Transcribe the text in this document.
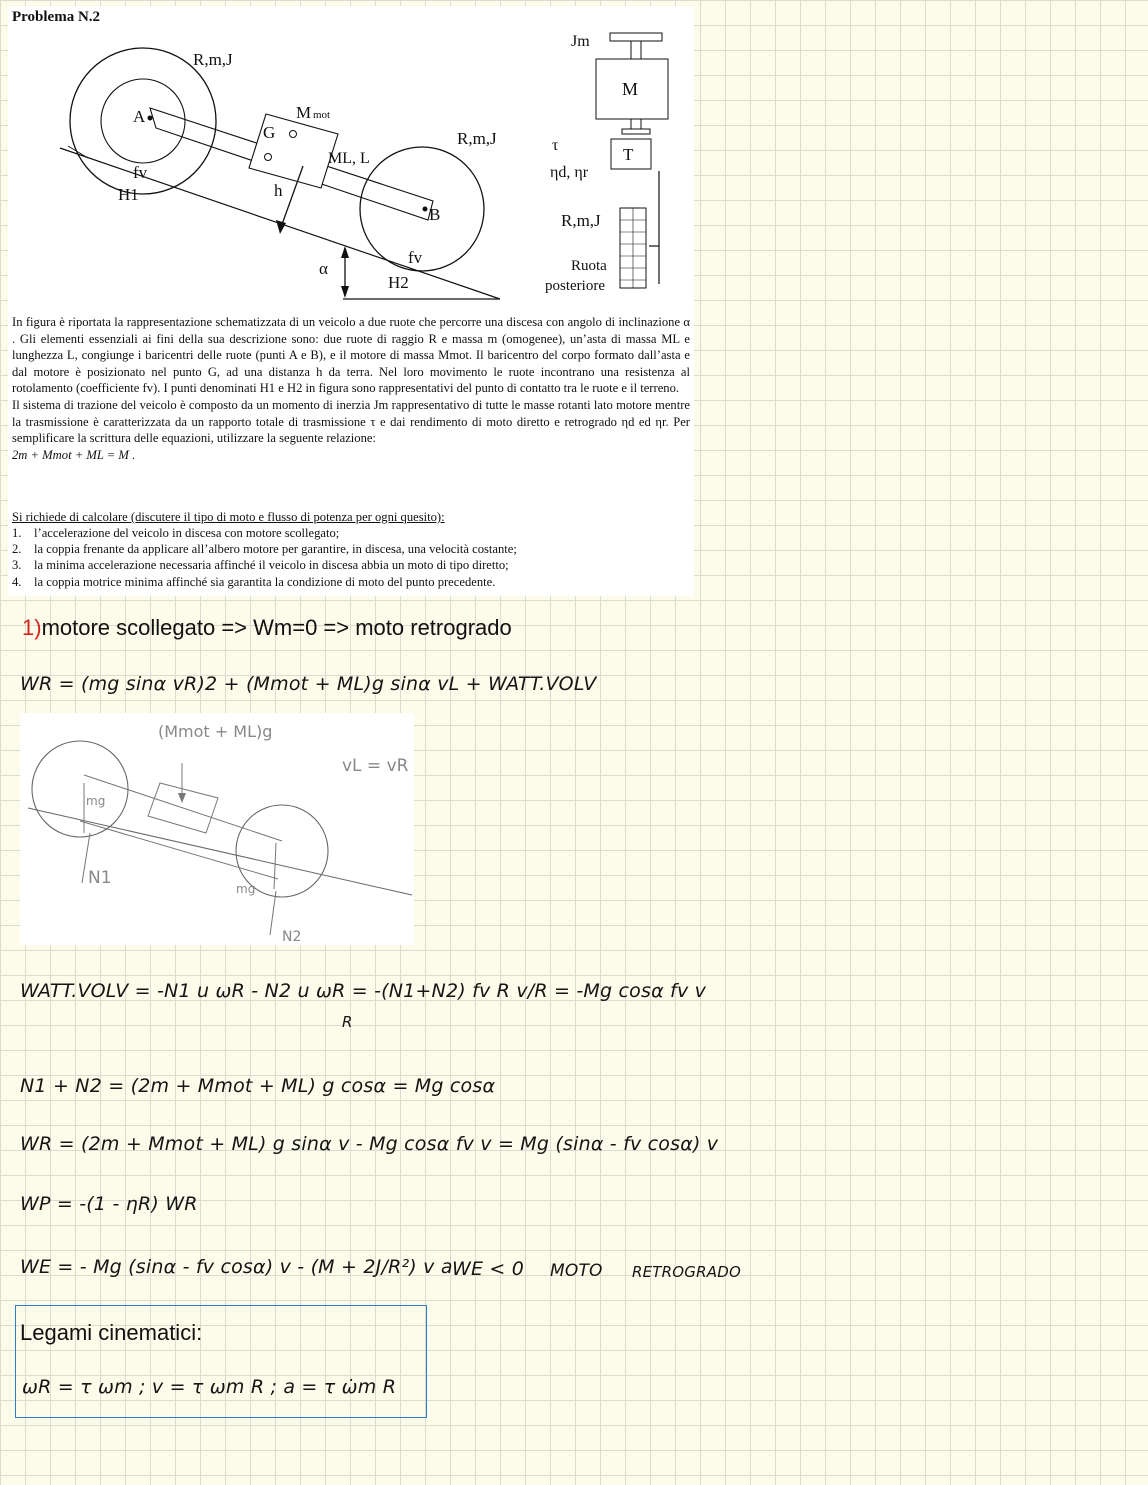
Problema N.2
R,m,J
A
G
M mot
ML, L
R,m,J
fv
H1	h
B
fv
α
H2
Jm
M
T
τ
ηd, ηr
R,m,J
Ruota
posteriore

In figura è riportata la rappresentazione schematizzata di un veicolo a due ruote che percorre una discesa con angolo di inclinazione α . Gli elementi essenziali ai fini della sua descrizione sono: due ruote di raggio R e massa m (omogenee), un’asta di massa ML e lunghezza L, congiunge i baricentri delle ruote (punti A e B), e il motore di massa Mmot. Il baricentro del corpo formato dall’asta e dal motore è posizionato nel punto G, ad una distanza h da terra. Nel loro movimento le ruote incontrano una resistenza al rotolamento (coefficiente fv). I punti denominati H1 e H2 in figura sono rappresentativi del punto di contatto tra le ruote e il terreno.

Il sistema di trazione del veicolo è composto da un momento di inerzia Jm rappresentativo di tutte le masse rotanti lato motore mentre la trasmissione è caratterizzata da un rapporto totale di trasmissione τ e dai rendimento di moto diretto e retrogrado ηd ed ηr. Per semplificare la scrittura delle equazioni, utilizzare la seguente relazione:

2m + Mmot + ML = M .

Si richiede di calcolare (discutere il tipo di moto e flusso di potenza per ogni quesito):
1. l’accelerazione del veicolo in discesa con motore scollegato;
2. la coppia frenante da applicare all’albero motore per garantire, in discesa, una velocità costante;
3. la minima accelerazione necessaria affinché il veicolo in discesa abbia un moto di tipo diretto;
4. la coppia motrice minima affinché sia garantita la condizione di moto del punto precedente.
1)motore scollegato => Wm=0 => moto retrogrado
WR = (mg sinα vR)2 + (Mmot + ML)g sinα vL + WATT.VOLV
(Mmot + ML)g
vL = vR
mg
N1
mg
N2
WATT.VOLV = -N1 u ωR - N2 u ωR = -(N1+N2) fv R v/R = -Mg cosα fv v
R
N1 + N2 = (2m + Mmot + ML) g cosα = Mg cosα
WR = (2m + Mmot + ML) g sinα v - Mg cosα fv v = Mg (sinα - fv cosα) v
WP = -(1 - ηR) WR
WE = - Mg (sinα - fv cosα) v - (M + 2J/R²) v a WE < 0 MOTO RETROGRADO
Legami cinematici:
ωR = τ ωm ; v = τ ωm R ; a = τ ω̇m R
